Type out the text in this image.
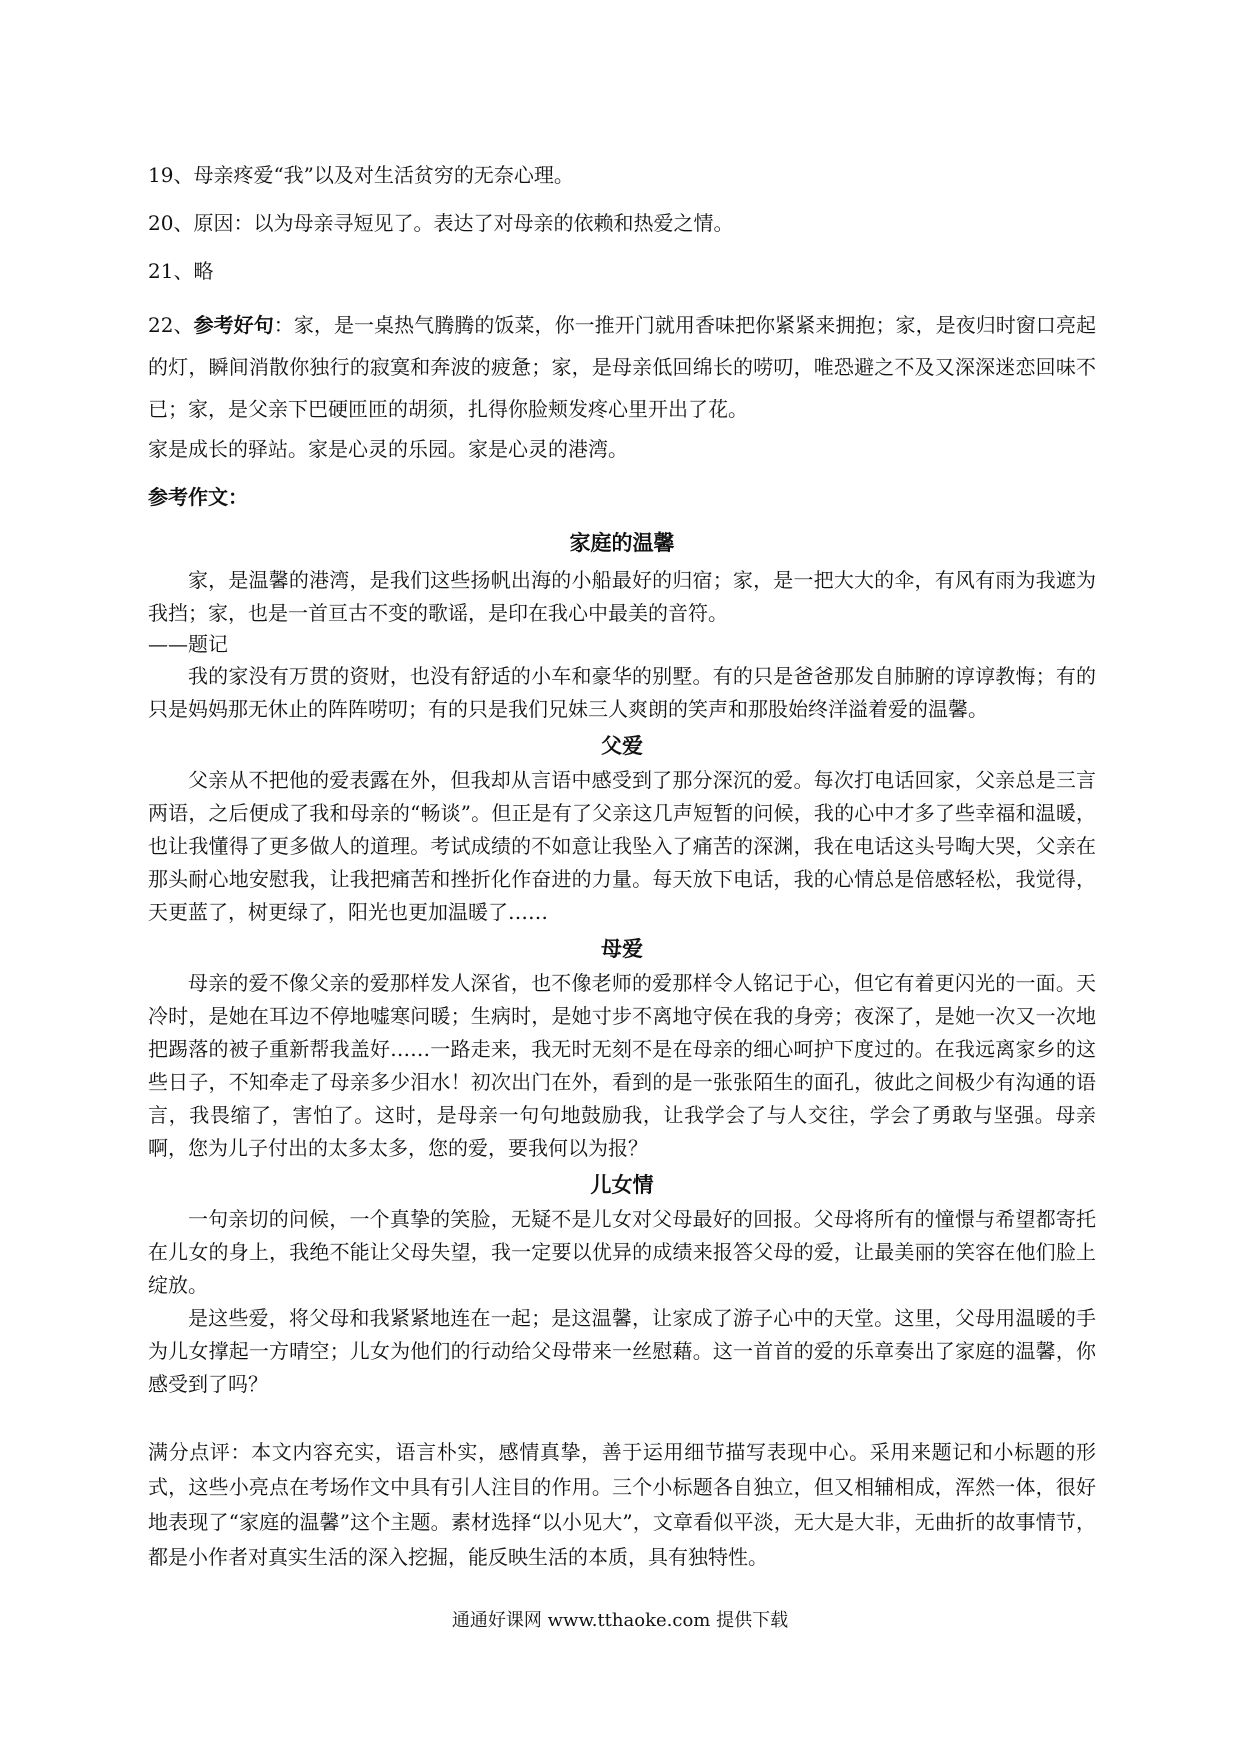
19、母亲疼爱“我”以及对生活贫穷的无奈心理。

20、原因：以为母亲寻短见了。表达了对母亲的依赖和热爱之情。

21、略

22、参考好句：家，是一桌热气腾腾的饭菜，你一推开门就用香味把你紧紧来拥抱；家，是夜归时窗口亮起的灯，瞬间消散你独行的寂寞和奔波的疲惫；家，是母亲低回绵长的唠叨，唯恐避之不及又深深迷恋回味不已；家，是父亲下巴硬匝匝的胡须，扎得你脸颊发疼心里开出了花。

家是成长的驿站。家是心灵的乐园。家是心灵的港湾。

参考作文：

家庭的温馨

家，是温馨的港湾，是我们这些扬帆出海的小船最好的归宿；家，是一把大大的伞，有风有雨为我遮为我挡；家，也是一首亘古不变的歌谣，是印在我心中最美的音符。

——题记

我的家没有万贯的资财，也没有舒适的小车和豪华的别墅。有的只是爸爸那发自肺腑的谆谆教悔；有的只是妈妈那无休止的阵阵唠叨；有的只是我们兄妹三人爽朗的笑声和那股始终洋溢着爱的温馨。

父爱

父亲从不把他的爱表露在外，但我却从言语中感受到了那分深沉的爱。每次打电话回家，父亲总是三言两语，之后便成了我和母亲的“畅谈”。但正是有了父亲这几声短暂的问候，我的心中才多了些幸福和温暖，也让我懂得了更多做人的道理。考试成绩的不如意让我坠入了痛苦的深渊，我在电话这头号啕大哭，父亲在那头耐心地安慰我，让我把痛苦和挫折化作奋进的力量。每天放下电话，我的心情总是倍感轻松，我觉得，天更蓝了，树更绿了，阳光也更加温暖了……

母爱

母亲的爱不像父亲的爱那样发人深省，也不像老师的爱那样令人铭记于心，但它有着更闪光的一面。天冷时，是她在耳边不停地嘘寒问暖；生病时，是她寸步不离地守侯在我的身旁；夜深了，是她一次又一次地把踢落的被子重新帮我盖好……一路走来，我无时无刻不是在母亲的细心呵护下度过的。在我远离家乡的这些日子，不知牵走了母亲多少泪水！初次出门在外，看到的是一张张陌生的面孔，彼此之间极少有沟通的语言，我畏缩了，害怕了。这时，是母亲一句句地鼓励我，让我学会了与人交往，学会了勇敢与坚强。母亲啊，您为儿子付出的太多太多，您的爱，要我何以为报？

儿女情

一句亲切的问候，一个真挚的笑脸，无疑不是儿女对父母最好的回报。父母将所有的憧憬与希望都寄托在儿女的身上，我绝不能让父母失望，我一定要以优异的成绩来报答父母的爱，让最美丽的笑容在他们脸上绽放。

是这些爱，将父母和我紧紧地连在一起；是这温馨，让家成了游子心中的天堂。这里，父母用温暖的手为儿女撑起一方晴空；儿女为他们的行动给父母带来一丝慰藉。这一首首的爱的乐章奏出了家庭的温馨，你感受到了吗？

满分点评：本文内容充实，语言朴实，感情真挚，善于运用细节描写表现中心。采用来题记和小标题的形式，这些小亮点在考场作文中具有引人注目的作用。三个小标题各自独立，但又相辅相成，浑然一体，很好地表现了“家庭的温馨”这个主题。素材选择“以小见大”，文章看似平淡，无大是大非，无曲折的故事情节，都是小作者对真实生活的深入挖掘，能反映生活的本质，具有独特性。

通通好课网 www.tthaoke.com 提供下载
